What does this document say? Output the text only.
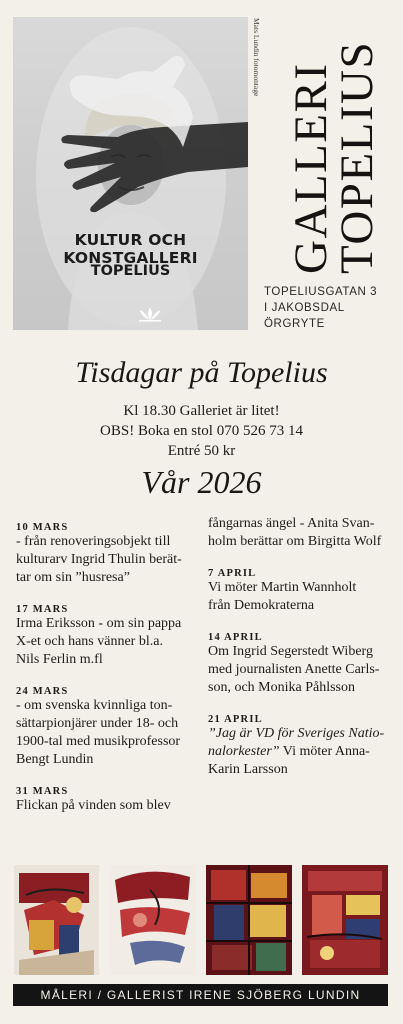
KULTUR OCH KONSTGALLERI
TOPELIUS
Mats Lundin fotomontage
GALLERI TOPELIUS
TOPELIUSGATAN 3
I JAKOBSDAL
ÖRGRYTE
Tisdagar på Topelius
Kl 18.30 Galleriet är litet!
OBS! Boka en stol 070 526 73 14
Entré 50 kr
Vår 2026
10 MARS
- från renoveringsobjekt till
kulturarv Ingrid Thulin berät-
tar om sin ”husresa”
17 MARS
Irma Eriksson - om sin pappa
X-et och hans vänner bl.a.
Nils Ferlin m.fl
24 MARS
- om svenska kvinnliga ton-
sättarpionjärer under 18- och
1900-tal med musikprofessor
Bengt Lundin
31 MARS
Flickan på vinden som blev
fångarnas ängel - Anita Svan-
holm berättar om Birgitta Wolf
7 APRIL
Vi möter Martin Wannholt
från Demokraterna
14 APRIL
Om Ingrid Segerstedt Wiberg
med journalisten Anette Carls-
son, och Monika Påhlsson
21 APRIL
”Jag är VD för Sveriges Natio-
nalorkester” Vi möter Anna-
Karin Larsson
MÅLERI / GALLERIST IRENE SJÖBERG LUNDIN
